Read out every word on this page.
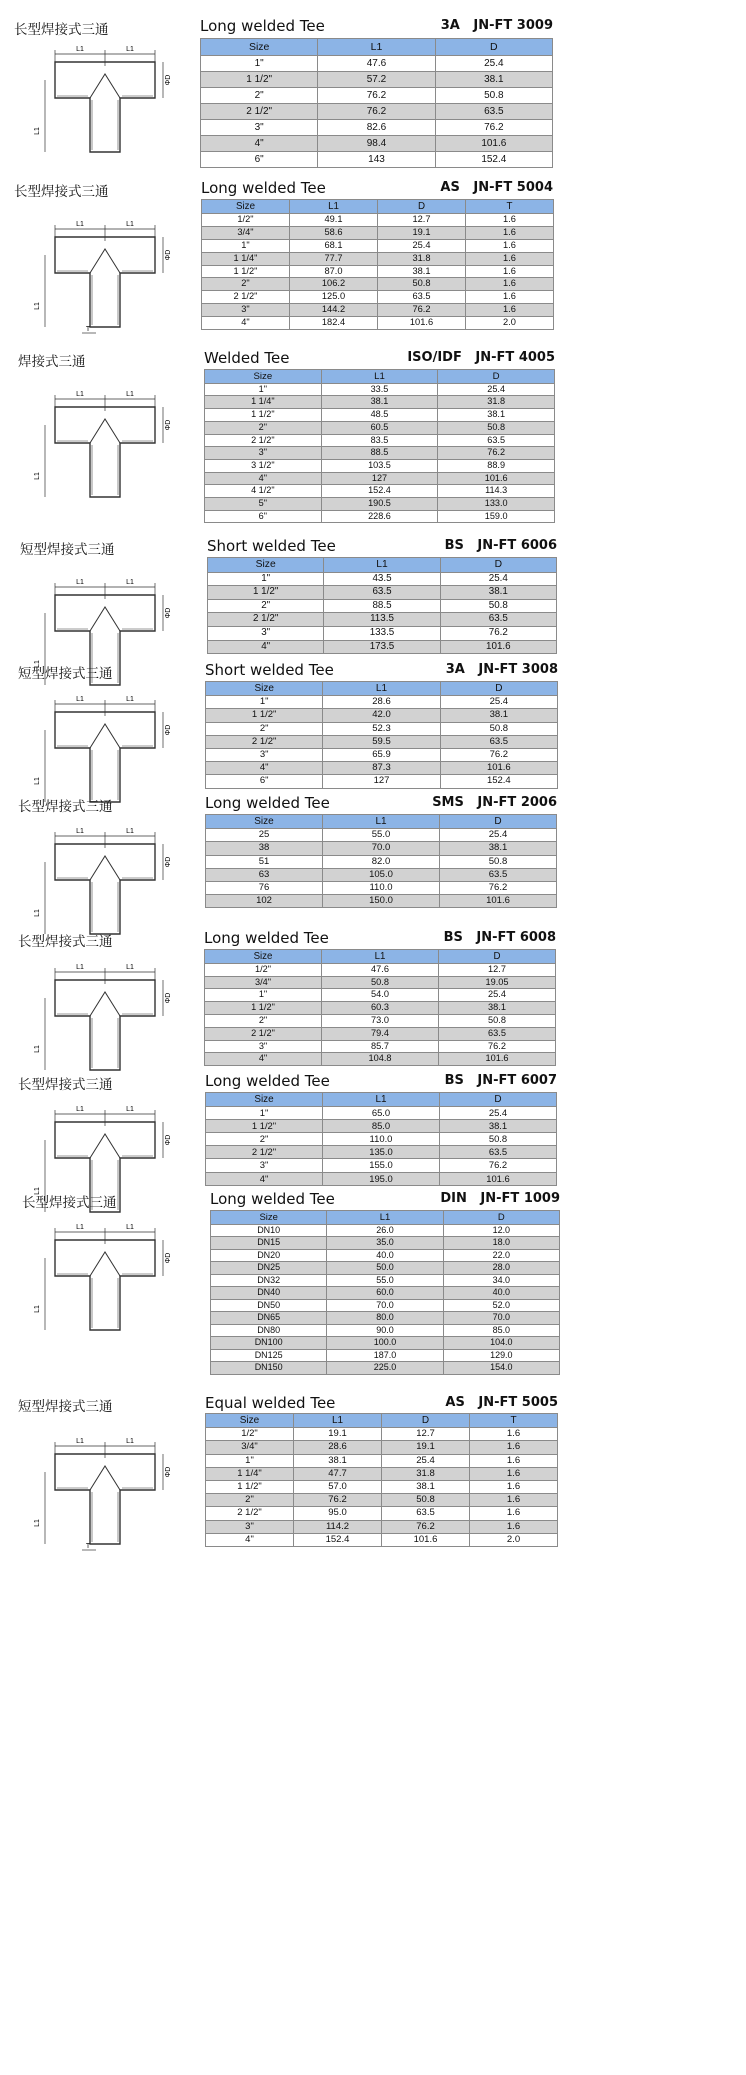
长型焊接式三通
L1	L1
ΦD
L1
Long welded Tee	3A   JN-FT 3009
Size	L1	D
1"	47.6	25.4
1 1/2"	57.2	38.1
2"	76.2	50.8
2 1/2"	76.2	63.5
3"	82.6	76.2
4"	98.4	101.6
6"	143	152.4
长型焊接式三通
L1	L1
ΦD
L1
T
Long welded Tee	AS   JN-FT 5004
Size	L1	D	T
1/2"	49.1	12.7	1.6
3/4"	58.6	19.1	1.6
1"	68.1	25.4	1.6
1 1/4"	77.7	31.8	1.6
1 1/2"	87.0	38.1	1.6
2"	106.2	50.8	1.6
2 1/2"	125.0	63.5	1.6
3"	144.2	76.2	1.6
4"	182.4	101.6	2.0
焊接式三通
L1	L1
ΦD
L1
Welded Tee	ISO/IDF   JN-FT 4005
Size	L1	D
1"	33.5	25.4
1 1/4"	38.1	31.8
1 1/2"	48.5	38.1
2"	60.5	50.8
2 1/2"	83.5	63.5
3"	88.5	76.2
3 1/2"	103.5	88.9
4"	127	101.6
4 1/2"	152.4	114.3
5"	190.5	133.0
6"	228.6	159.0
短型焊接式三通
L1	L1
ΦD
L1
Short welded Tee	BS   JN-FT 6006
Size	L1	D
1"	43.5	25.4
1 1/2"	63.5	38.1
2"	88.5	50.8
2 1/2"	113.5	63.5
3"	133.5	76.2
4"	173.5	101.6
短型焊接式三通
L1	L1
ΦD
L1
Short welded Tee	3A   JN-FT 3008
Size	L1	D
1"	28.6	25.4
1 1/2"	42.0	38.1
2"	52.3	50.8
2 1/2"	59.5	63.5
3"	65.9	76.2
4"	87.3	101.6
6"	127	152.4
长型焊接式三通
L1	L1
ΦD
L1
Long welded Tee	SMS   JN-FT 2006
Size	L1	D
25	55.0	25.4
38	70.0	38.1
51	82.0	50.8
63	105.0	63.5
76	110.0	76.2
102	150.0	101.6
长型焊接式三通
L1	L1
ΦD
L1
Long welded Tee	BS   JN-FT 6008
Size	L1	D
1/2"	47.6	12.7
3/4"	50.8	19.05
1"	54.0	25.4
1 1/2"	60.3	38.1
2"	73.0	50.8
2 1/2"	79.4	63.5
3"	85.7	76.2
4"	104.8	101.6
长型焊接式三通
L1	L1
ΦD
L1
Long welded Tee	BS   JN-FT 6007
Size	L1	D
1"	65.0	25.4
1 1/2"	85.0	38.1
2"	110.0	50.8
2 1/2"	135.0	63.5
3"	155.0	76.2
4"	195.0	101.6
长型焊接式三通
L1	L1
ΦD
L1
Long welded Tee	DIN   JN-FT 1009
Size	L1	D
DN10	26.0	12.0
DN15	35.0	18.0
DN20	40.0	22.0
DN25	50.0	28.0
DN32	55.0	34.0
DN40	60.0	40.0
DN50	70.0	52.0
DN65	80.0	70.0
DN80	90.0	85.0
DN100	100.0	104.0
DN125	187.0	129.0
DN150	225.0	154.0
短型焊接式三通
L1	L1
ΦD
L1
T
Equal welded Tee	AS   JN-FT 5005
Size	L1	D	T
1/2"	19.1	12.7	1.6
3/4"	28.6	19.1	1.6
1"	38.1	25.4	1.6
1 1/4"	47.7	31.8	1.6
1 1/2"	57.0	38.1	1.6
2"	76.2	50.8	1.6
2 1/2"	95.0	63.5	1.6
3"	114.2	76.2	1.6
4"	152.4	101.6	2.0
